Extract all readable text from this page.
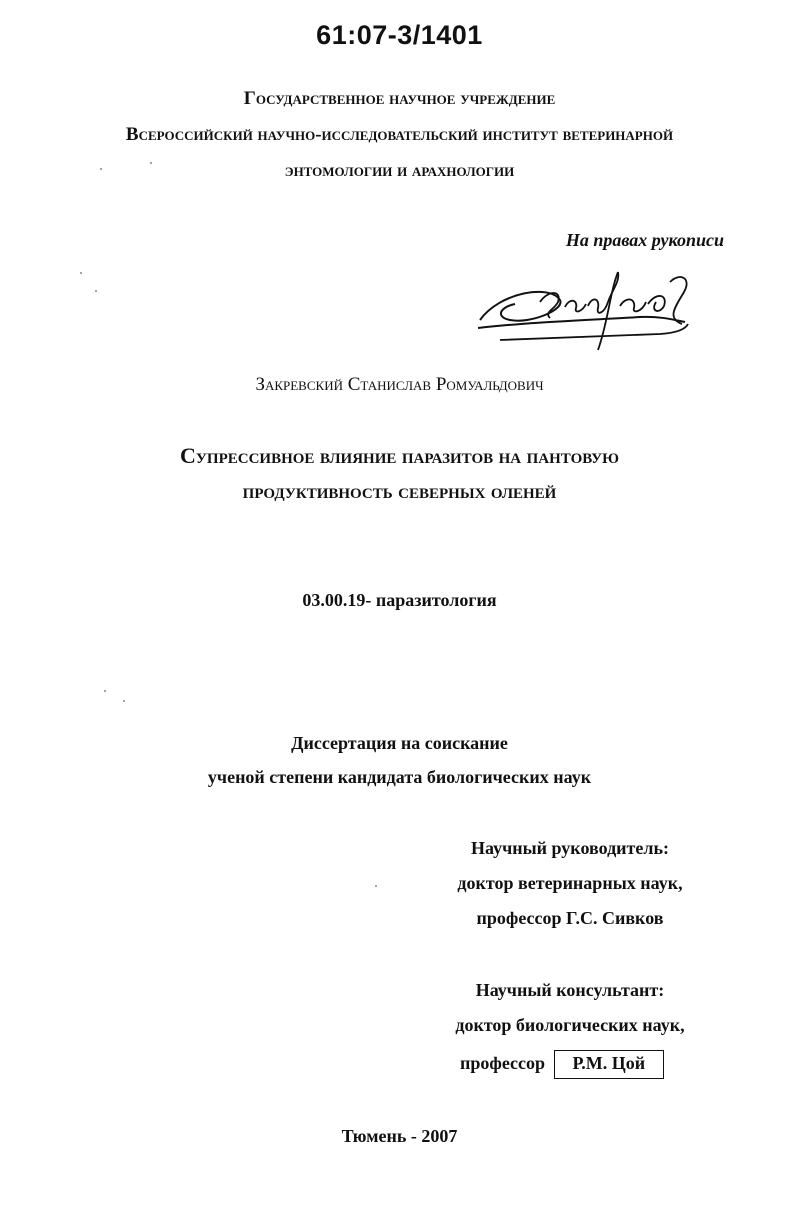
61:07-3/1401
Государственное научное учреждение
Всероссийский научно-исследовательский институт ветеринарной
энтомологии и арахнологии
На правах рукописи
Закревский Станислав Ромуальдович
Супрессивное влияние паразитов на пантовую
продуктивность северных оленей
03.00.19- паразитология
Диссертация на соискание
ученой степени кандидата биологических наук
Научный руководитель:
доктор ветеринарных наук,
профессор Г.С. Сивков
Научный консультант:
доктор биологических наук,
профессор Р.М. Цой
Тюмень - 2007
